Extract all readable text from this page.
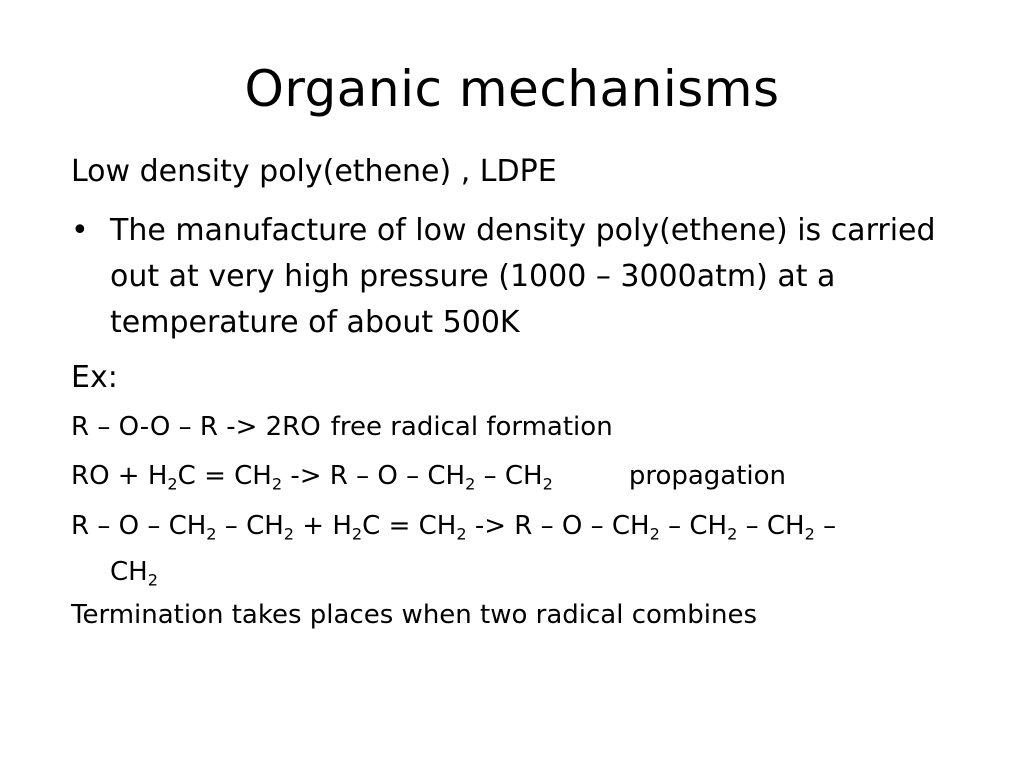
Organic mechanisms
Low density poly(ethene) , LDPE
• The manufacture of low density poly(ethene) is carried out at very high pressure (1000 – 3000atm) at a temperature of about 500K
Ex:
R – O-O – R -> 2RO free radical formation
RO + $H_2C = CH_2 -> R - O - CH_2 - CH_2$	propagation
$R - O - CH_2 - CH_2 + H_2C = CH_2 -> R - O - CH_2 - CH_2 - CH_2$ –
$CH_2$
Termination takes places when two radical combines
